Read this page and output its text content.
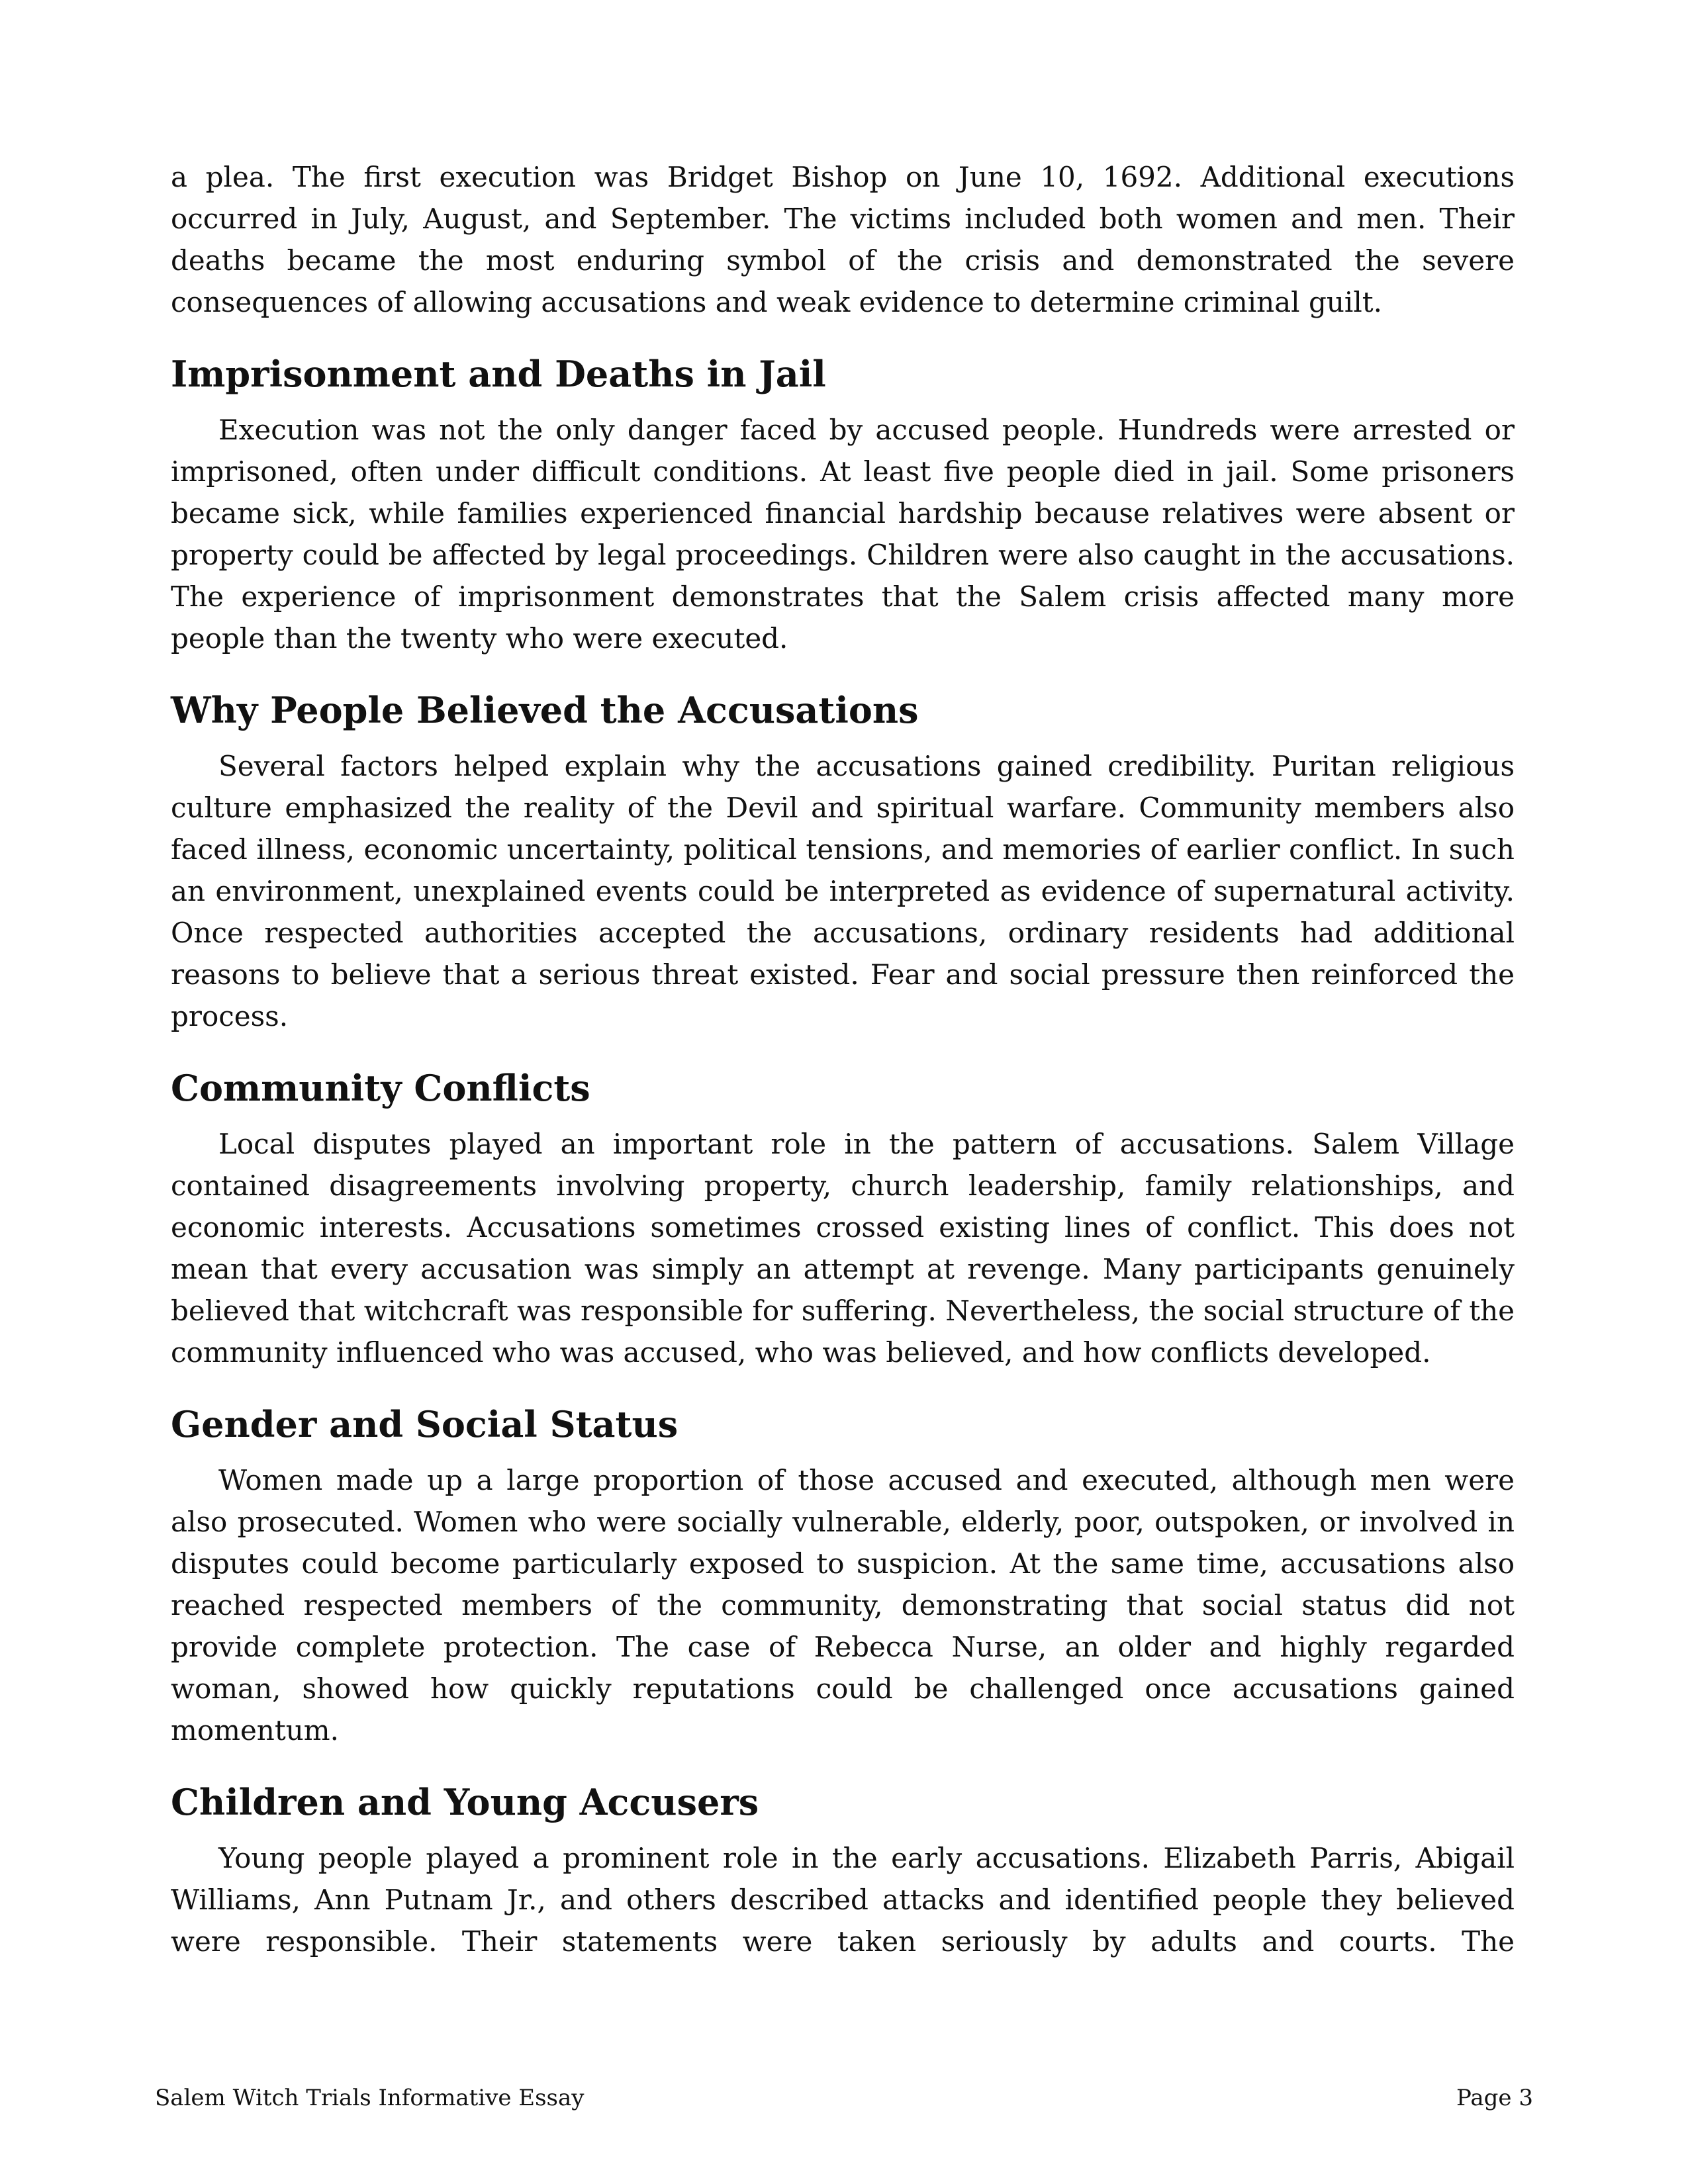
a plea. The first execution was Bridget Bishop on June 10, 1692. Additional executions occurred in July, August, and September. The victims included both women and men. Their deaths became the most enduring symbol of the crisis and demonstrated the severe consequences of allowing accusations and weak evidence to determine criminal guilt.

Imprisonment and Deaths in Jail

Execution was not the only danger faced by accused people. Hundreds were arrested or imprisoned, often under difficult conditions. At least five people died in jail. Some prisoners became sick, while families experienced financial hardship because relatives were absent or property could be affected by legal proceedings. Children were also caught in the accusations. The experience of imprisonment demonstrates that the Salem crisis affected many more people than the twenty who were executed.

Why People Believed the Accusations

Several factors helped explain why the accusations gained credibility. Puritan religious culture emphasized the reality of the Devil and spiritual warfare. Community members also faced illness, economic uncertainty, political tensions, and memories of earlier conflict. In such an environment, unexplained events could be interpreted as evidence of supernatural activity. Once respected authorities accepted the accusations, ordinary residents had additional reasons to believe that a serious threat existed. Fear and social pressure then reinforced the process.

Community Conflicts

Local disputes played an important role in the pattern of accusations. Salem Village contained disagreements involving property, church leadership, family relationships, and economic interests. Accusations sometimes crossed existing lines of conflict. This does not mean that every accusation was simply an attempt at revenge. Many participants genuinely believed that witchcraft was responsible for suffering. Nevertheless, the social structure of the community influenced who was accused, who was believed, and how conflicts developed.

Gender and Social Status

Women made up a large proportion of those accused and executed, although men were also prosecuted. Women who were socially vulnerable, elderly, poor, outspoken, or involved in disputes could become particularly exposed to suspicion. At the same time, accusations also reached respected members of the community, demonstrating that social status did not provide complete protection. The case of Rebecca Nurse, an older and highly regarded woman, showed how quickly reputations could be challenged once accusations gained momentum.

Children and Young Accusers

Young people played a prominent role in the early accusations. Elizabeth Parris, Abigail Williams, Ann Putnam Jr., and others described attacks and identified people they believed were responsible. Their statements were taken seriously by adults and courts. The

Salem Witch Trials Informative Essay	Page 3
